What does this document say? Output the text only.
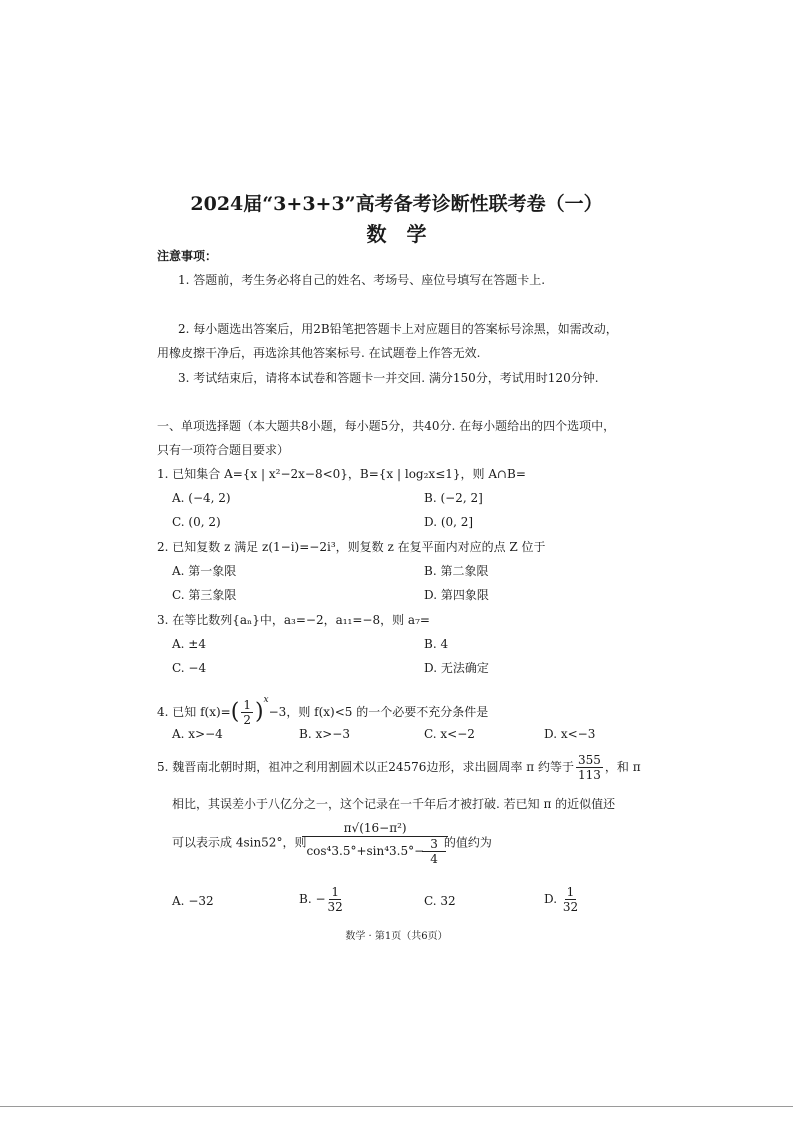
2024届“3+3+3”高考备考诊断性联考卷（一）
数　学
注意事项：
1. 答题前，考生务必将自己的姓名、考场号、座位号填写在答题卡上.
2. 每小题选出答案后，用2B铅笔把答题卡上对应题目的答案标号涂黑，如需改动，
用橡皮擦干净后，再选涂其他答案标号. 在试题卷上作答无效.
3. 考试结束后，请将本试卷和答题卡一并交回. 满分150分，考试用时120分钟.
一、单项选择题（本大题共8小题，每小题5分，共40分. 在每小题给出的四个选项中，
只有一项符合题目要求）
1. 已知集合 A={x | x²−2x−8<0}，B={x | log₂x≤1}，则 A∩B=
A. (−4, 2)	B. (−2, 2]
C. (0, 2)	D. (0, 2]
2. 已知复数 z 满足 z(1−i)=−2i³，则复数 z 在复平面内对应的点 Z 位于
A. 第一象限	B. 第二象限
C. 第三象限	D. 第四象限
3. 在等比数列{aₙ}中，a₃=−2，a₁₁=−8，则 a₇=
A. ±4	B. 4
C. −4	D. 无法确定
4. 已知 $f(x)=( \frac{1}{2} )^x-3$，则 f(x)<5 的一个必要不充分条件是
A. x>−4	B. x>−3	C. x<−2	D. x<−3
5. 魏晋南北朝时期，祖冲之利用割圆术以正24576边形，求出圆周率 π 约等于 $\frac{355}{113}$ ，和 π
相比，其误差小于八亿分之一，这个记录在一千年后才被打破. 若已知 π 的近似值还
可以表示成 4sin52°，则 $\frac{\text{π√(16−π²)}}{\cos^43.5^\circ+\sin^43.5^\circ- \frac{3}{4}}$ 的值约为
A. −32	B. − $\frac{1}{32}$	C. 32	D. $\frac{1}{32}$
数学 · 第1页（共6页）
